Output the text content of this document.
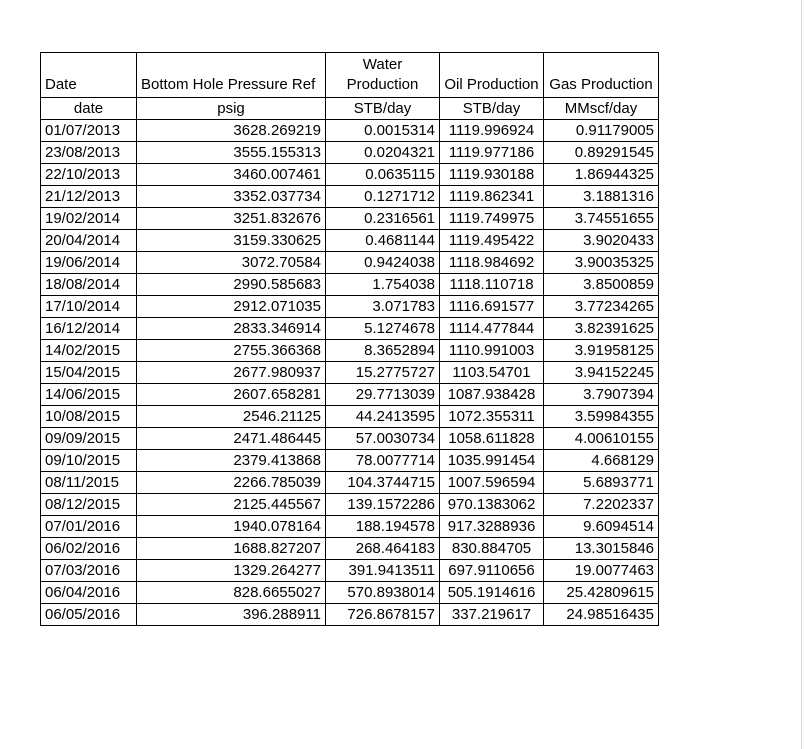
Date	Bottom Hole Pressure Ref	Water Production	Oil Production	Gas Production
date	psig	STB/day	STB/day	MMscf/day
01/07/2013	3628.269219	0.0015314	1119.996924	0.91179005
23/08/2013	3555.155313	0.0204321	1119.977186	0.89291545
22/10/2013	3460.007461	0.0635115	1119.930188	1.86944325
21/12/2013	3352.037734	0.1271712	1119.862341	3.1881316
19/02/2014	3251.832676	0.2316561	1119.749975	3.74551655
20/04/2014	3159.330625	0.4681144	1119.495422	3.9020433
19/06/2014	3072.70584	0.9424038	1118.984692	3.90035325
18/08/2014	2990.585683	1.754038	1118.110718	3.8500859
17/10/2014	2912.071035	3.071783	1116.691577	3.77234265
16/12/2014	2833.346914	5.1274678	1114.477844	3.82391625
14/02/2015	2755.366368	8.3652894	1110.991003	3.91958125
15/04/2015	2677.980937	15.2775727	1103.54701	3.94152245
14/06/2015	2607.658281	29.7713039	1087.938428	3.7907394
10/08/2015	2546.21125	44.2413595	1072.355311	3.59984355
09/09/2015	2471.486445	57.0030734	1058.611828	4.00610155
09/10/2015	2379.413868	78.0077714	1035.991454	4.668129
08/11/2015	2266.785039	104.3744715	1007.596594	5.6893771
08/12/2015	2125.445567	139.1572286	970.1383062	7.2202337
07/01/2016	1940.078164	188.194578	917.3288936	9.6094514
06/02/2016	1688.827207	268.464183	830.884705	13.3015846
07/03/2016	1329.264277	391.9413511	697.9110656	19.0077463
06/04/2016	828.6655027	570.8938014	505.1914616	25.42809615
06/05/2016	396.288911	726.8678157	337.219617	24.98516435
